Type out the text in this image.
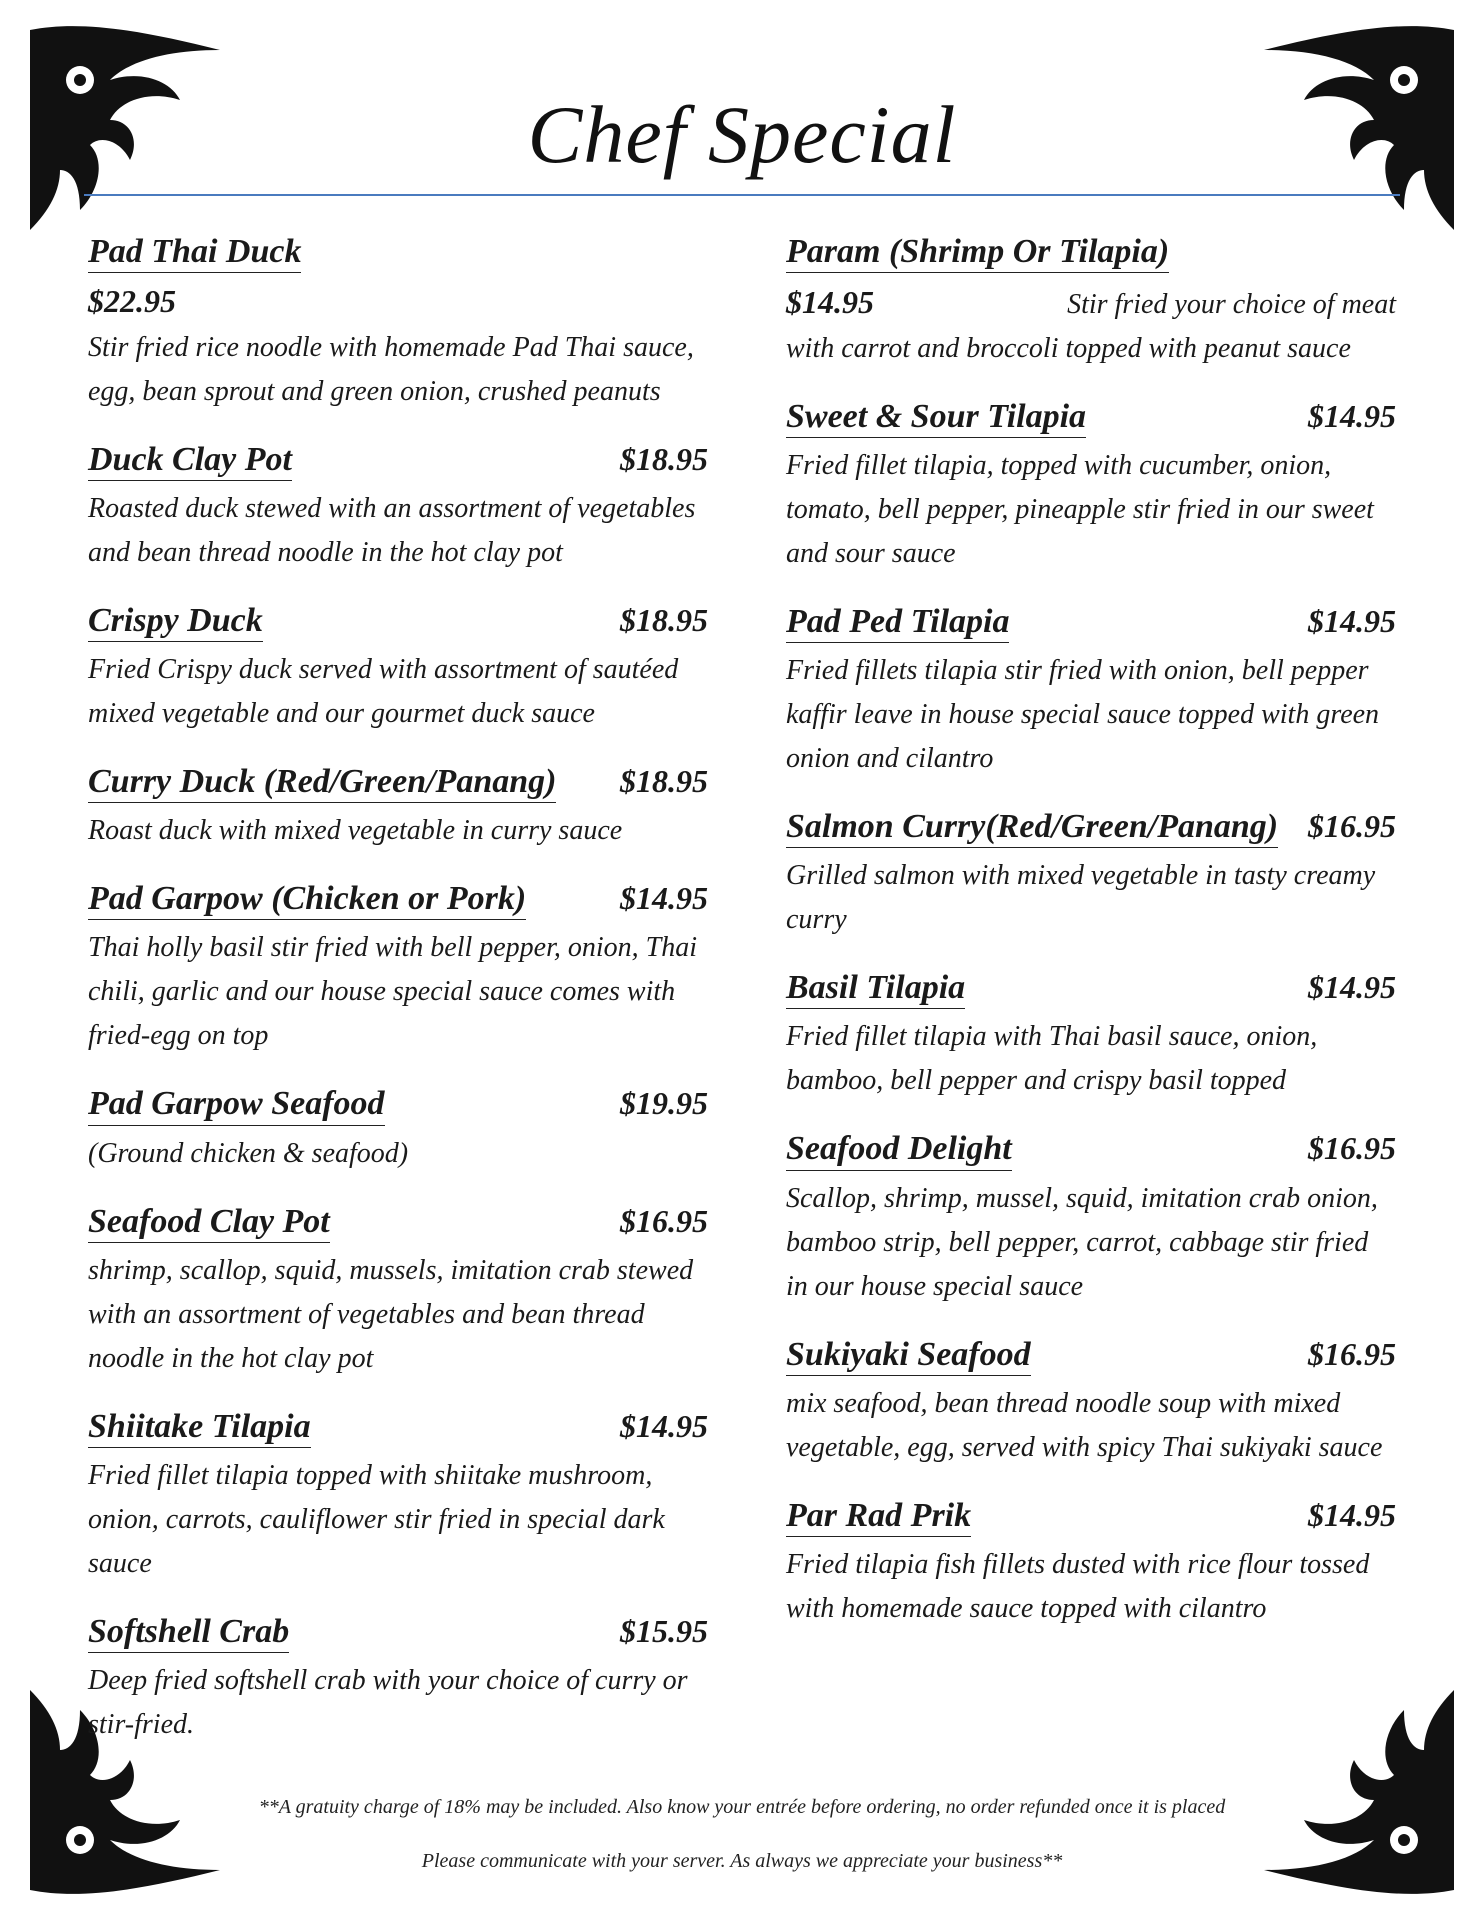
Chef Special
Pad Thai Duck
$22.95
Stir fried rice noodle with homemade Pad Thai sauce, egg, bean sprout and green onion, crushed peanuts
Duck Clay Pot	$18.95
Roasted duck stewed with an assortment of vegetables and bean thread noodle in the hot clay pot
Crispy Duck	$18.95
Fried Crispy duck served with assortment of sautéed mixed vegetable and our gourmet duck sauce
Curry Duck (Red/Green/Panang) $18.95
Roast duck with mixed vegetable in curry sauce
Pad Garpow (Chicken or Pork)	$14.95
Thai holly basil stir fried with bell pepper, onion, Thai chili, garlic and our house special sauce comes with fried-egg on top
Pad Garpow Seafood	$19.95
(Ground chicken & seafood)
Seafood Clay Pot	$16.95
shrimp, scallop, squid, mussels, imitation crab stewed with an assortment of vegetables and bean thread noodle in the hot clay pot
Shiitake Tilapia	$14.95
Fried fillet tilapia topped with shiitake mushroom, onion, carrots, cauliflower stir fried in special dark sauce
Softshell Crab	$15.95
Deep fried softshell crab with your choice of curry or stir-fried.
Param (Shrimp Or Tilapia)
$14.95	Stir fried your choice of meat
with carrot and broccoli topped with peanut sauce
Sweet & Sour Tilapia	$14.95
Fried fillet tilapia, topped with cucumber, onion, tomato, bell pepper, pineapple stir fried in our sweet and sour sauce
Pad Ped Tilapia	$14.95
Fried fillets tilapia stir fried with onion, bell pepper kaffir leave in house special sauce topped with green onion and cilantro
Salmon Curry(Red/Green/Panang) $16.95
Grilled salmon with mixed vegetable in tasty creamy curry
Basil Tilapia	$14.95
Fried fillet tilapia with Thai basil sauce, onion, bamboo, bell pepper and crispy basil topped
Seafood Delight	$16.95
Scallop, shrimp, mussel, squid, imitation crab onion, bamboo strip, bell pepper, carrot, cabbage stir fried in our house special sauce
Sukiyaki Seafood	$16.95
mix seafood, bean thread noodle soup with mixed vegetable, egg, served with spicy Thai sukiyaki sauce
Par Rad Prik	$14.95
Fried tilapia fish fillets dusted with rice flour tossed with homemade sauce topped with cilantro
**A gratuity charge of 18% may be included. Also know your entrée before ordering, no order refunded once it is placed
Please communicate with your server. As always we appreciate your business**
